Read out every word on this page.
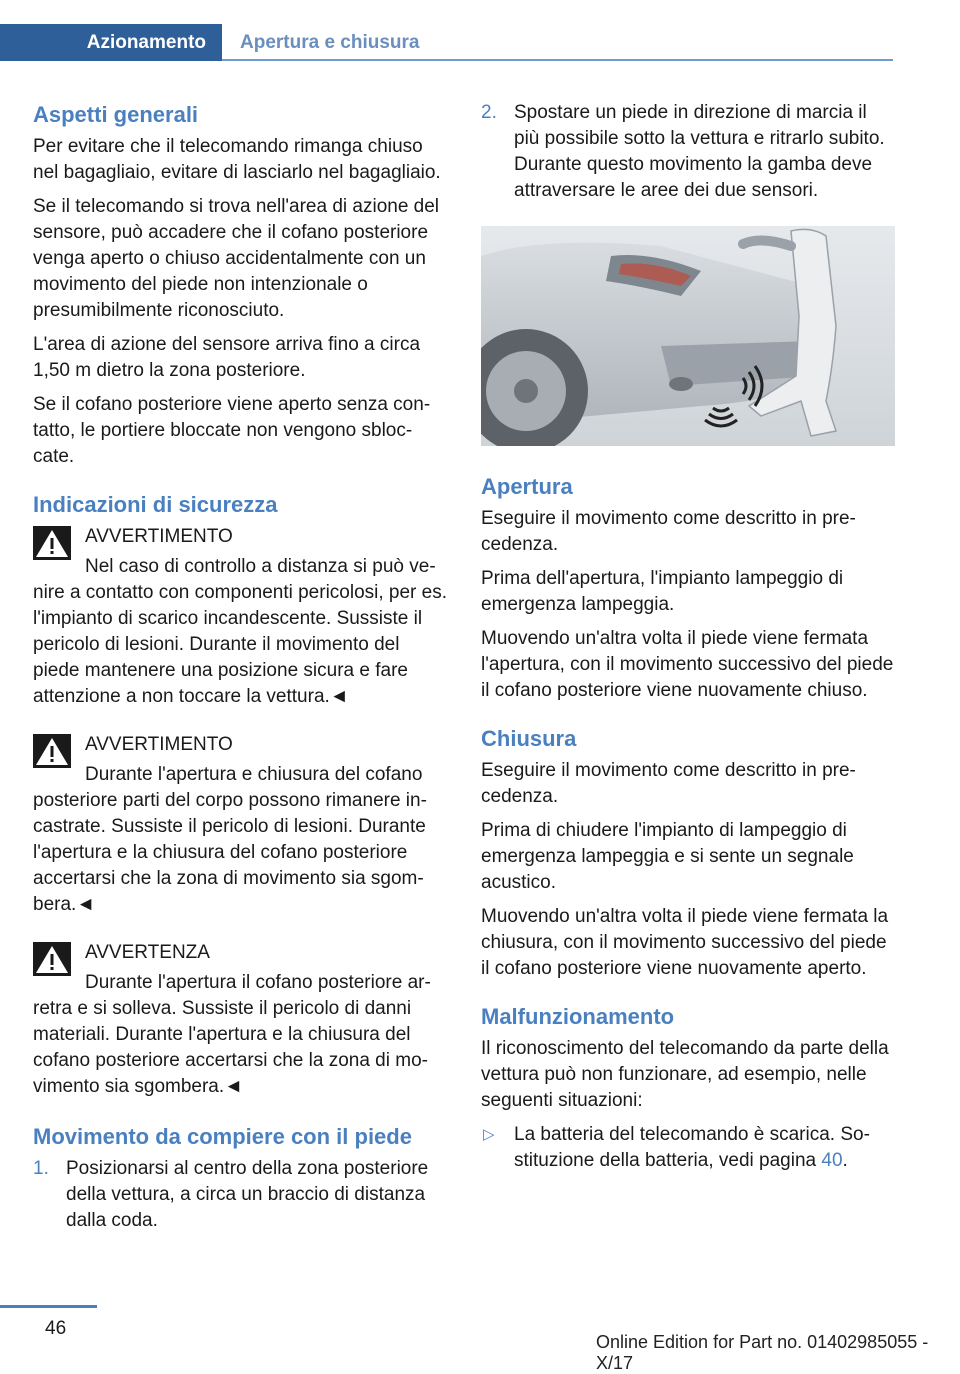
Azionamento	Apertura e chiusura
Aspetti generali

Per evitare che il telecomando rimanga chiuso nel bagagliaio, evitare di lasciarlo nel bagagliaio.

Se il telecomando si trova nell'area di azione del sensore, può accadere che il cofano posteriore venga aperto o chiuso accidentalmente con un movimento del piede non intenzionale o presumibilmente riconosciuto.

L'area di azione del sensore arriva fino a circa 1,50 m dietro la zona posteriore.

Se il cofano posteriore viene aperto senza contatto, le portiere bloccate non vengono sbloccate.

Indicazioni di sicurezza
AVVERTIMENTO

Nel caso di controllo a distanza si può venire a contatto con componenti pericolosi, per es. l'impianto di scarico incandescente. Sussiste il pericolo di lesioni. Durante il movimento del piede mantenere una posizione sicura e fare attenzione a non toccare la vettura.◄

AVVERTIMENTO

Durante l'apertura e chiusura del cofano posteriore parti del corpo possono rimanere incastrate. Sussiste il pericolo di lesioni. Durante l'apertura e la chiusura del cofano posteriore accertarsi che la zona di movimento sia sgombera.◄

AVVERTENZA

Durante l'apertura il cofano posteriore arretra e si solleva. Sussiste il pericolo di danni materiali. Durante l'apertura e la chiusura del cofano posteriore accertarsi che la zona di movimento sia sgombera.◄

Movimento da compiere con il piede
1. Posizionarsi al centro della zona posteriore della vettura, a circa un braccio di distanza dalla coda.
2. Spostare un piede in direzione di marcia il più possibile sotto la vettura e ritrarlo subito. Durante questo movimento la gamba deve attraversare le aree dei due sensori.
Apertura

Eseguire il movimento come descritto in precedenza.

Prima dell'apertura, l'impianto lampeggio di emergenza lampeggia.

Muovendo un'altra volta il piede viene fermata l'apertura, con il movimento successivo del piede il cofano posteriore viene nuovamente chiuso.

Chiusura

Eseguire il movimento come descritto in precedenza.

Prima di chiudere l'impianto di lampeggio di emergenza lampeggia e si sente un segnale acustico.

Muovendo un'altra volta il piede viene fermata la chiusura, con il movimento successivo del piede il cofano posteriore viene nuovamente aperto.

Malfunzionamento

Il riconoscimento del telecomando da parte della vettura può non funzionare, ad esempio, nelle seguenti situazioni:

▷ La batteria del telecomando è scarica. Sostituzione della batteria, vedi pagina 40.
46
Online Edition for Part no. 01402985055 - X/17
